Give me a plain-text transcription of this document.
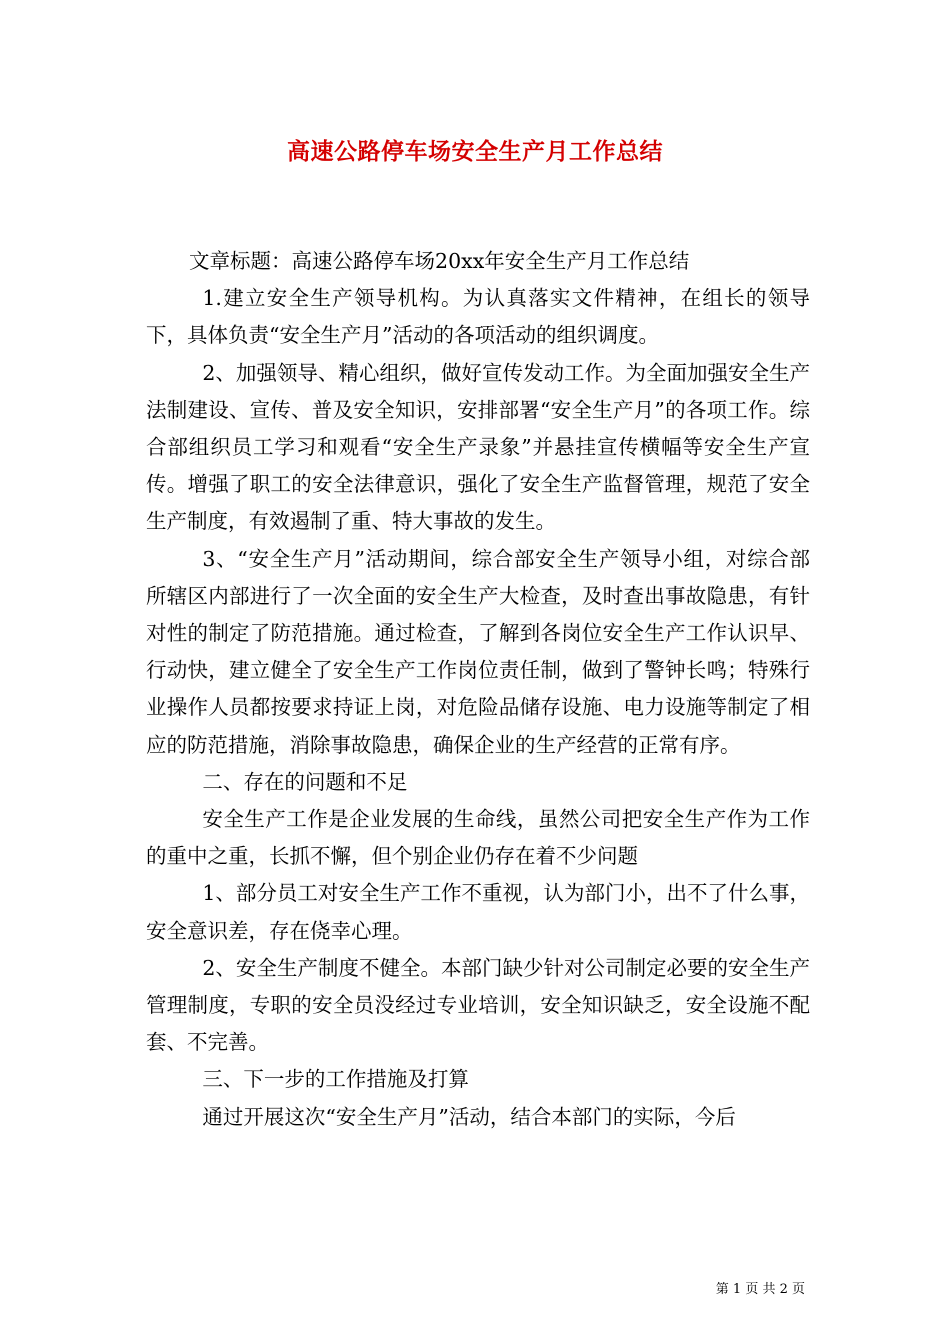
高速公路停车场安全生产月工作总结

文章标题：高速公路停车场20xx年安全生产月工作总结

1.建立安全生产领导机构。为认真落实文件精神，在组长的领导下，具体负责“安全生产月”活动的各项活动的组织调度。

2、加强领导、精心组织，做好宣传发动工作。为全面加强安全生产法制建设、宣传、普及安全知识，安排部署“安全生产月”的各项工作。综合部组织员工学习和观看“安全生产录象”并悬挂宣传横幅等安全生产宣传。增强了职工的安全法律意识，强化了安全生产监督管理，规范了安全生产制度，有效遏制了重、特大事故的发生。

3、“安全生产月”活动期间，综合部安全生产领导小组，对综合部所辖区内部进行了一次全面的安全生产大检查，及时查出事故隐患，有针对性的制定了防范措施。通过检查，了解到各岗位安全生产工作认识早、行动快，建立健全了安全生产工作岗位责任制，做到了警钟长鸣；特殊行业操作人员都按要求持证上岗，对危险品储存设施、电力设施等制定了相应的防范措施，消除事故隐患，确保企业的生产经营的正常有序。

二、存在的问题和不足

安全生产工作是企业发展的生命线，虽然公司把安全生产作为工作的重中之重，长抓不懈，但个别企业仍存在着不少问题

1、部分员工对安全生产工作不重视，认为部门小，出不了什么事，安全意识差，存在侥幸心理。

2、安全生产制度不健全。本部门缺少针对公司制定必要的安全生产管理制度，专职的安全员没经过专业培训，安全知识缺乏，安全设施不配套、不完善。

三、下一步的工作措施及打算

通过开展这次“安全生产月”活动，结合本部门的实际，今后

第 1 页 共 2 页
